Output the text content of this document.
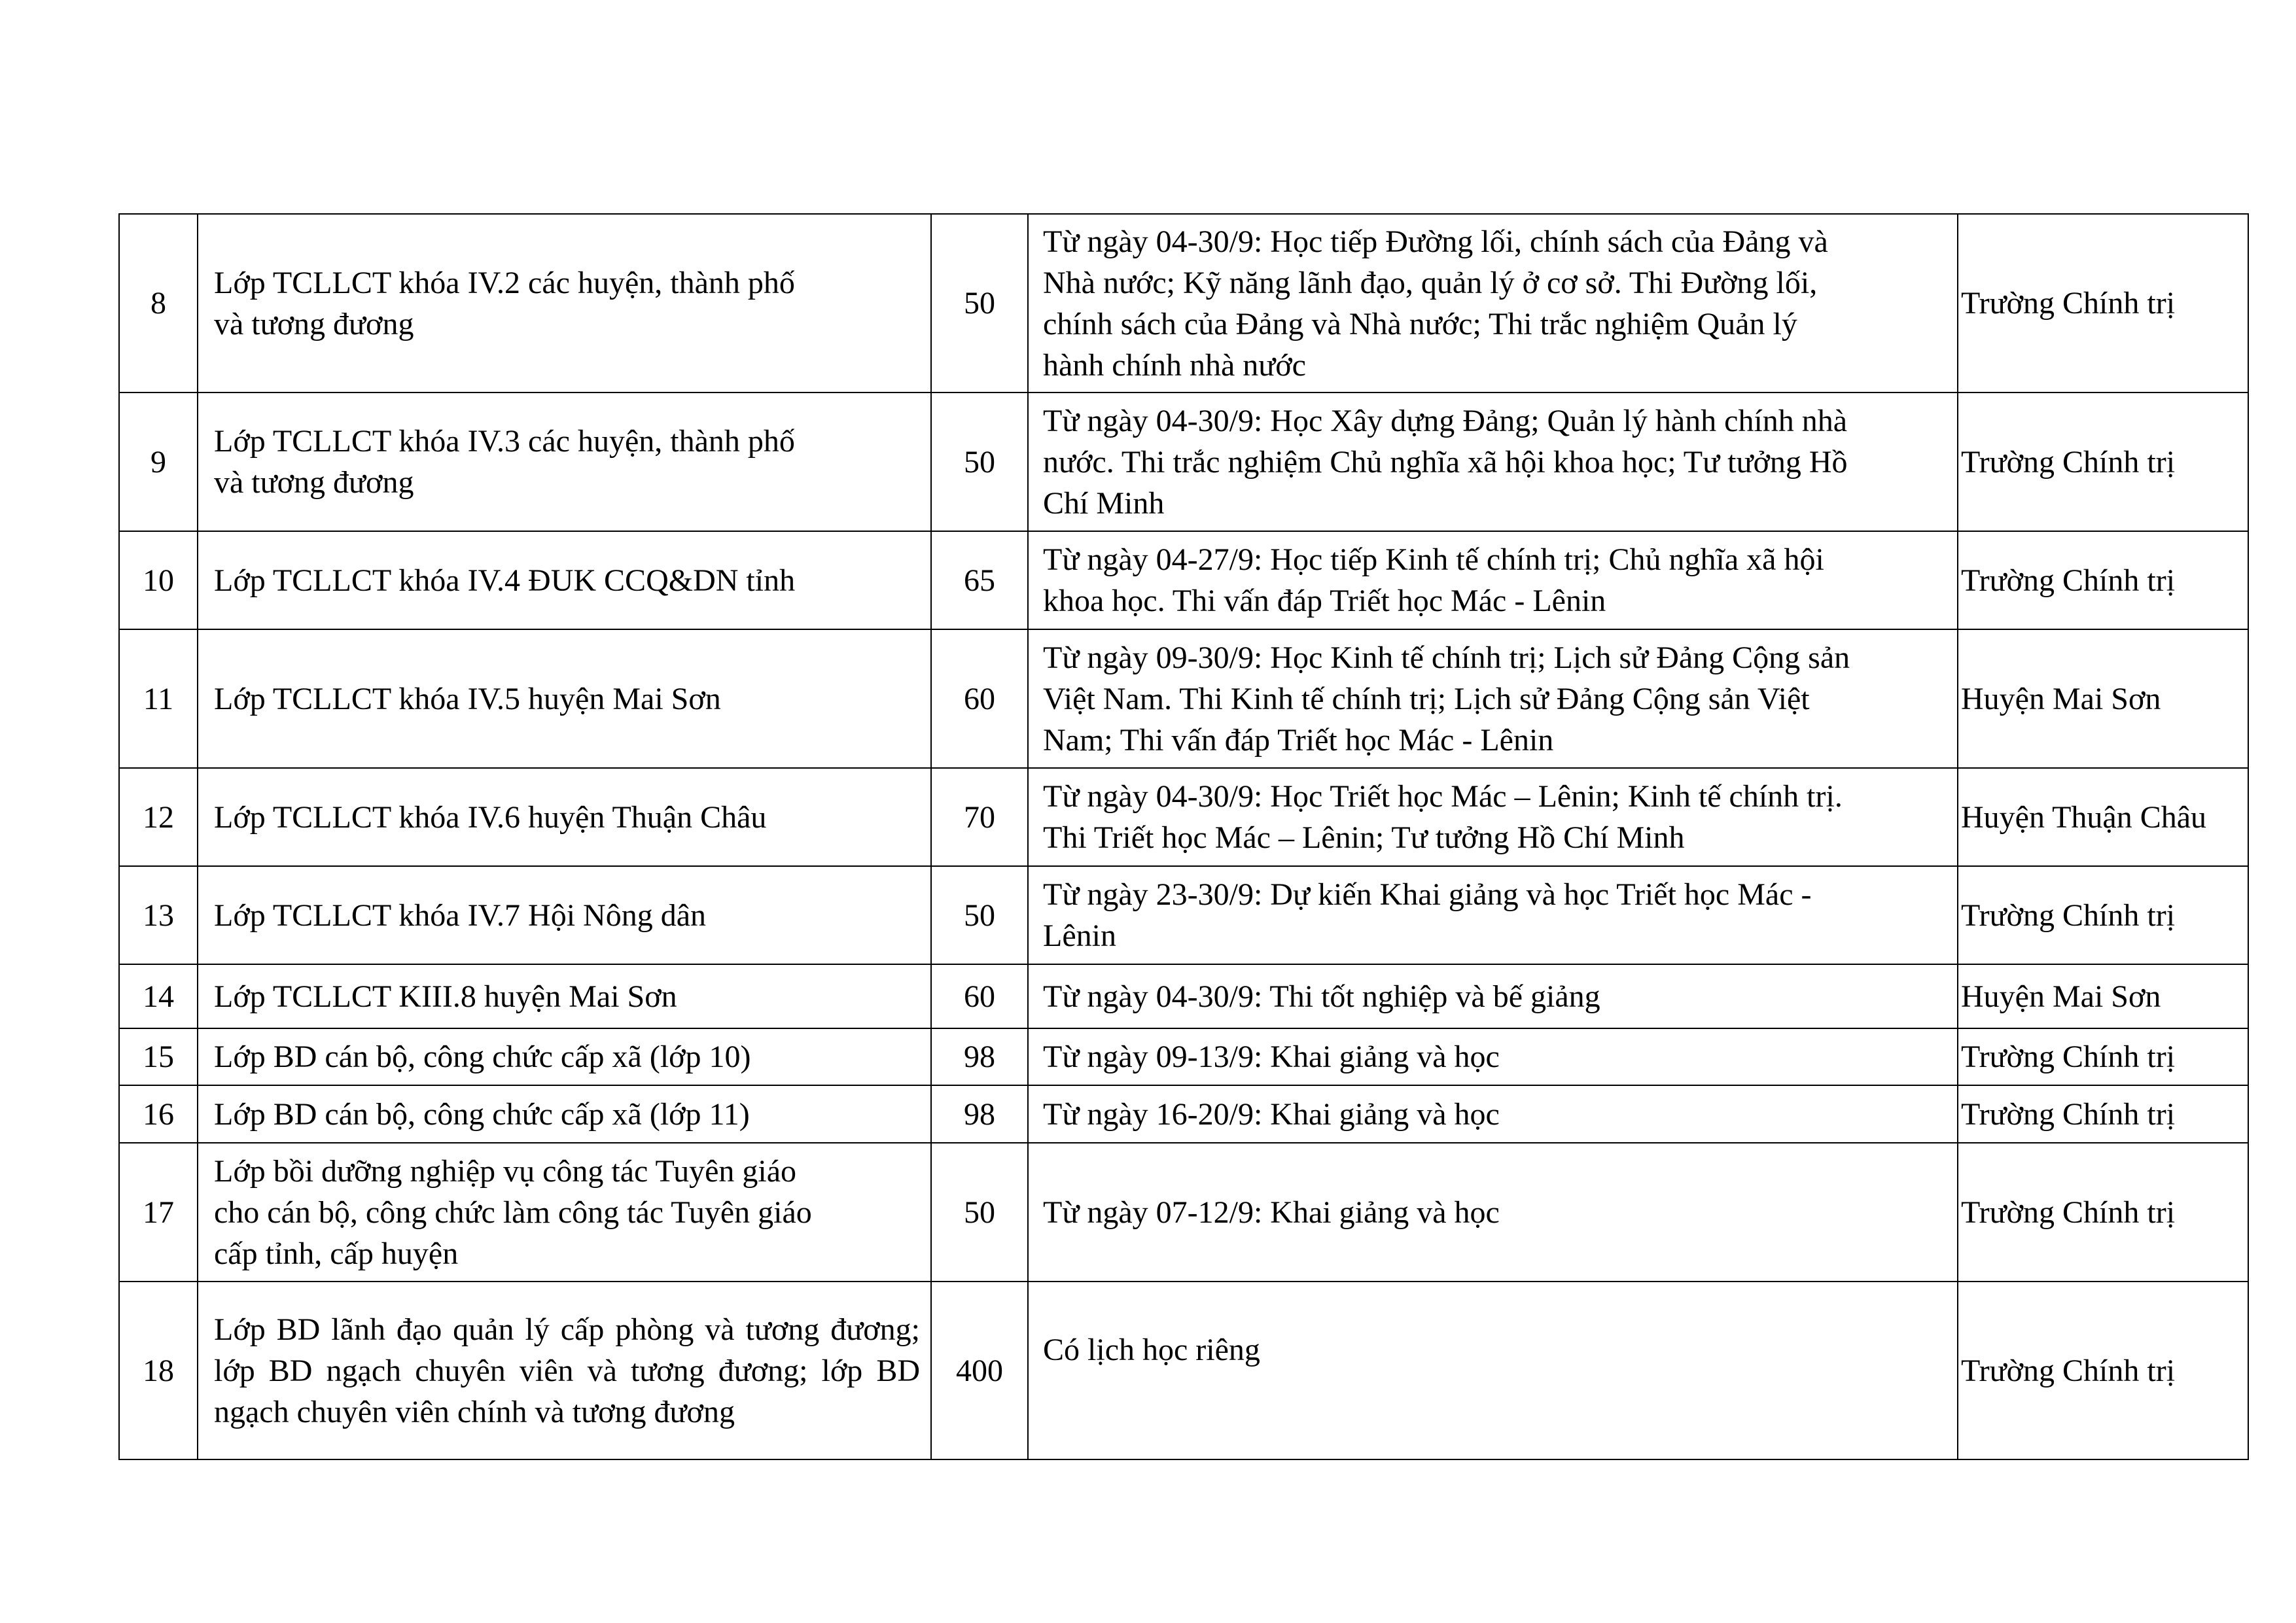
8	Lớp TCLLCT khóa IV.2 các huyện, thành phố
và tương đương	50	Từ ngày 04-30/9: Học tiếp Đường lối, chính sách của Đảng và
Nhà nước; Kỹ năng lãnh đạo, quản lý ở cơ sở. Thi Đường lối,
chính sách của Đảng và Nhà nước; Thi trắc nghiệm Quản lý
hành chính nhà nước	Trường Chính trị
9	Lớp TCLLCT khóa IV.3 các huyện, thành phố
và tương đương	50	Từ ngày 04-30/9: Học Xây dựng Đảng; Quản lý hành chính nhà
nước. Thi trắc nghiệm Chủ nghĩa xã hội khoa học; Tư tưởng Hồ
Chí Minh	Trường Chính trị
10	Lớp TCLLCT khóa IV.4 ĐUK CCQ&DN tỉnh	65	Từ ngày 04-27/9: Học tiếp Kinh tế chính trị; Chủ nghĩa xã hội
khoa học. Thi vấn đáp Triết học Mác - Lênin	Trường Chính trị
11	Lớp TCLLCT khóa IV.5 huyện Mai Sơn	60	Từ ngày 09-30/9: Học Kinh tế chính trị; Lịch sử Đảng Cộng sản
Việt Nam. Thi Kinh tế chính trị; Lịch sử Đảng Cộng sản Việt
Nam; Thi vấn đáp Triết học Mác - Lênin	Huyện Mai Sơn
12	Lớp TCLLCT khóa IV.6 huyện Thuận Châu	70	Từ ngày 04-30/9: Học Triết học Mác – Lênin; Kinh tế chính trị.
Thi Triết học Mác – Lênin; Tư tưởng Hồ Chí Minh	Huyện Thuận Châu
13	Lớp TCLLCT khóa IV.7 Hội Nông dân	50	Từ ngày 23-30/9: Dự kiến Khai giảng và học Triết học Mác -
Lênin	Trường Chính trị
14	Lớp TCLLCT KIII.8 huyện Mai Sơn	60	Từ ngày 04-30/9: Thi tốt nghiệp và bế giảng	Huyện Mai Sơn
15	Lớp BD cán bộ, công chức cấp xã (lớp 10)	98	Từ ngày 09-13/9: Khai giảng và học	Trường Chính trị
16	Lớp BD cán bộ, công chức cấp xã (lớp 11)	98	Từ ngày 16-20/9: Khai giảng và học	Trường Chính trị
17	Lớp bồi dưỡng nghiệp vụ công tác Tuyên giáo
cho cán bộ, công chức làm công tác Tuyên giáo
cấp tỉnh, cấp huyện	50	Từ ngày 07-12/9: Khai giảng và học	Trường Chính trị
18	Lớp BD lãnh đạo quản lý cấp phòng và tương đương; lớp BD ngạch chuyên viên và tương đương; lớp BD ngạch chuyên viên chính và tương đương	400	Có lịch học riêng	Trường Chính trị
